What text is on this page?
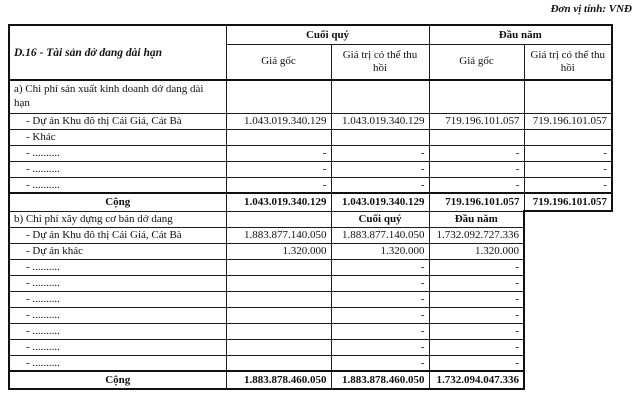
Đơn vị tính: VNĐ
D.16 - Tài sản dở dang dài hạn	Cuối quý		Đầu năm	
	Giá gốc	Giá trị có thể thu hồi	Giá gốc	Giá trị có thể thu hồi
a) Chi phí sản xuất kinh doanh dở dang dài hạn				
- Dự án Khu đô thị Cái Giá, Cát Bà	1.043.019.340.129	1.043.019.340.129	719.196.101.057	719.196.101.057
- Khác				
- ..........	-	-	-	-
- ..........	-	-	-	-
- ..........	-	-	-	-
Cộng	1.043.019.340.129	1.043.019.340.129	719.196.101.057	719.196.101.057
b) Chi phí xây dựng cơ bản dở dang		Cuối quý	Đầu năm	
- Dự án Khu đô thị Cái Giá, Cát Bà	1.883.877.140.050	1.883.877.140.050	1.732.092.727.336	
- Dự án khác	1.320.000	1.320.000	1.320.000	
- ..........		-	-	
- ..........		-	-	
- ..........		-	-	
- ..........		-	-	
- ..........		-	-	
- ..........		-	-	
- ..........		-	-	
Cộng	1.883.878.460.050	1.883.878.460.050	1.732.094.047.336	
